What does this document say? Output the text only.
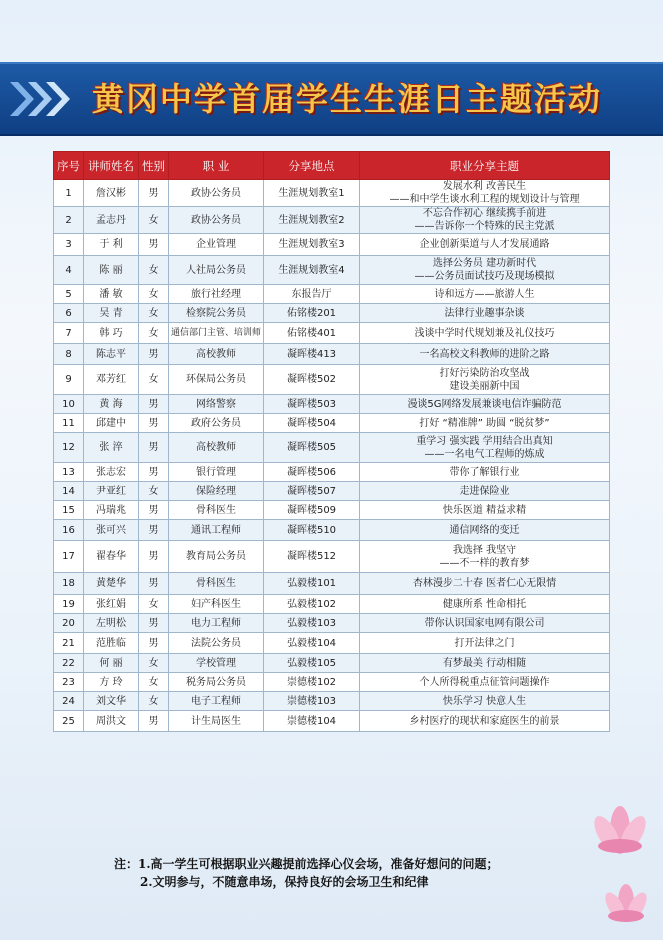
黄冈中学首届学生生涯日主题活动
序号	讲师姓名	性别	职 业	分享地点	职业分享主题
1	詹汉彬	男	政协公务员	生涯规划教室1	发展水利 改善民生
——和中学生谈水利工程的规划设计与管理

2	孟志丹	女	政协公务员	生涯规划教室2	不忘合作初心 继续携手前进
——告诉你一个特殊的民主党派

3	于 利	男	企业管理	生涯规划教室3	企业创新渠道与人才发展通路

4	陈 丽	女	人社局公务员	生涯规划教室4	选择公务员 建功新时代
——公务员面试技巧及现场模拟

5	潘 敏	女	旅行社经理	东报告厅	诗和远方——旅游人生

6	吴 青	女	检察院公务员	佑铭楼201	法律行业趣事杂谈

7	韩 巧	女	通信部门主管、培训师	佑铭楼401	浅谈中学时代规划兼及礼仪技巧

8	陈志平	男	高校教师	凝晖楼413	一名高校文科教师的进阶之路

9	邓芳红	女	环保局公务员	凝晖楼502	打好污染防治攻坚战
建设美丽新中国

10	黄 海	男	网络警察	凝晖楼503	漫谈5G网络发展兼谈电信诈骗防范

11	邱建中	男	政府公务员	凝晖楼504	打好 “精准牌” 助圆 “脱贫梦”

12	张 淬	男	高校教师	凝晖楼505	重学习 强实践 学用结合出真知
——一名电气工程师的炼成

13	张志宏	男	银行管理	凝晖楼506	带你了解银行业

14	尹亚红	女	保险经理	凝晖楼507	走进保险业

15	冯瑞兆	男	骨科医生	凝晖楼509	快乐医道 精益求精

16	张可兴	男	通讯工程师	凝晖楼510	通信网络的变迁

17	翟春华	男	教育局公务员	凝晖楼512	我选择 我坚守
——不一样的教育梦

18	黄楚华	男	骨科医生	弘毅楼101	杏林漫步二十春 医者仁心无限情

19	张红娟	女	妇产科医生	弘毅楼102	健康所系 性命相托

20	左明松	男	电力工程师	弘毅楼103	带你认识国家电网有限公司

21	范胜临	男	法院公务员	弘毅楼104	打开法律之门

22	何 丽	女	学校管理	弘毅楼105	有梦最美 行动相随

23	方 玲	女	税务局公务员	崇德楼102	个人所得税重点征管问题操作

24	刘文华	女	电子工程师	崇德楼103	快乐学习 快意人生

25	周洪文	男	计生局医生	崇德楼104	乡村医疗的现状和家庭医生的前景
注：1.高一学生可根据职业兴趣提前选择心仪会场，准备好想问的问题；
2.文明参与，不随意串场，保持良好的会场卫生和纪律
